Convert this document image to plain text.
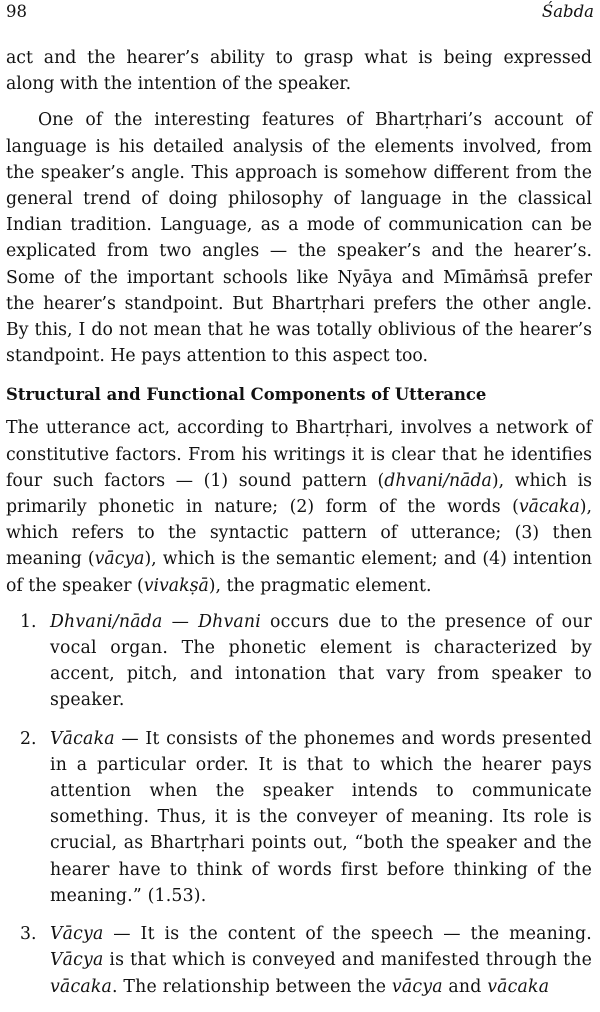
98	Śabda

act and the hearer’s ability to grasp what is being expressed along with the intention of the speaker.

One of the interesting features of Bhartṛhari’s account of language is his detailed analysis of the elements involved, from the speaker’s angle. This approach is somehow different from the general trend of doing philosophy of language in the classical Indian tradition. Language, as a mode of communication can be explicated from two angles — the speaker’s and the hearer’s. Some of the important schools like Nyāya and Mīmāṁsā prefer the hearer’s standpoint. But Bhartṛhari prefers the other angle. By this, I do not mean that he was totally oblivious of the hearer’s standpoint. He pays attention to this aspect too.

Structural and Functional Components of Utterance

The utterance act, according to Bhartṛhari, involves a network of constitutive factors. From his writings it is clear that he identifies four such factors — (1) sound pattern (dhvani/nāda), which is primarily phonetic in nature; (2) form of the words (vācaka), which refers to the syntactic pattern of utterance; (3) then meaning (vācya), which is the semantic element; and (4) intention of the speaker (vivakṣā), the pragmatic element.

1. Dhvani/nāda — Dhvani occurs due to the presence of our vocal organ. The phonetic element is characterized by accent, pitch, and intonation that vary from speaker to speaker.

2. Vācaka — It consists of the phonemes and words presented in a particular order. It is that to which the hearer pays attention when the speaker intends to communicate something. Thus, it is the conveyer of meaning. Its role is crucial, as Bhartṛhari points out, “both the speaker and the hearer have to think of words first before thinking of the meaning.” (1.53).

3. Vācya — It is the content of the speech — the meaning. Vācya is that which is conveyed and manifested through the vācaka. The relationship between the vācya and vācaka
